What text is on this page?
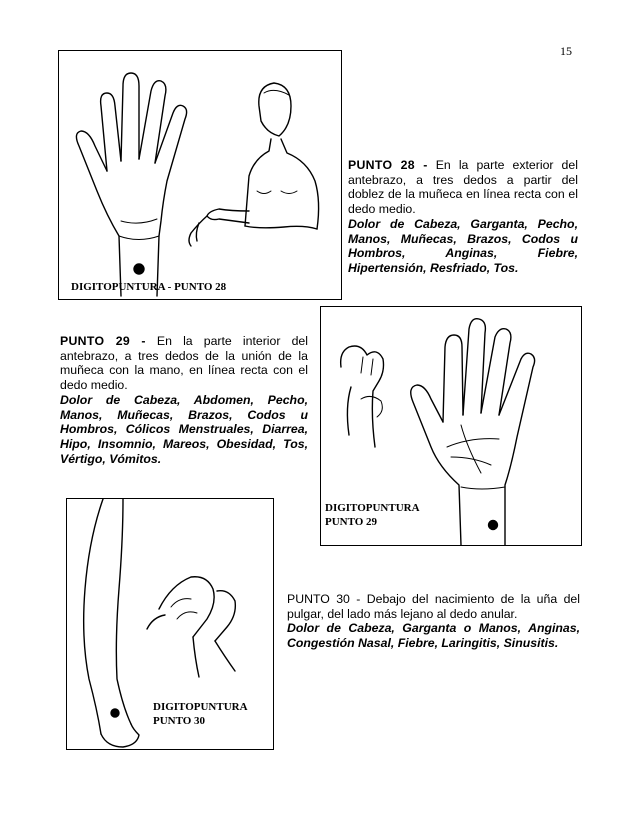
15
DIGITOPUNTURA - PUNTO 28

PUNTO 28 - En la parte exterior del antebrazo, a tres dedos a partir del doblez de la muñeca en línea recta con el dedo medio.

Dolor de Cabeza, Garganta, Pecho, Manos, Muñecas, Brazos, Codos u Hombros, Anginas, Fiebre, Hipertensión, Resfriado, Tos.

PUNTO 29 - En la parte interior del antebrazo, a tres dedos de la unión de la muñeca con la mano, en línea recta con el dedo medio.

Dolor de Cabeza, Abdomen, Pecho, Manos, Muñecas, Brazos, Codos u Hombros, Cólicos Menstruales, Diarrea, Hipo, Insomnio, Mareos, Obesidad, Tos, Vértigo, Vómitos.

DIGITOPUNTURA
PUNTO 29
DIGITOPUNTURA
PUNTO 30

PUNTO 30 - Debajo del nacimiento de la uña del pulgar, del lado más lejano al dedo anular.

Dolor de Cabeza, Garganta o Manos, Anginas, Congestión Nasal, Fiebre, Laringitis, Sinusitis.
